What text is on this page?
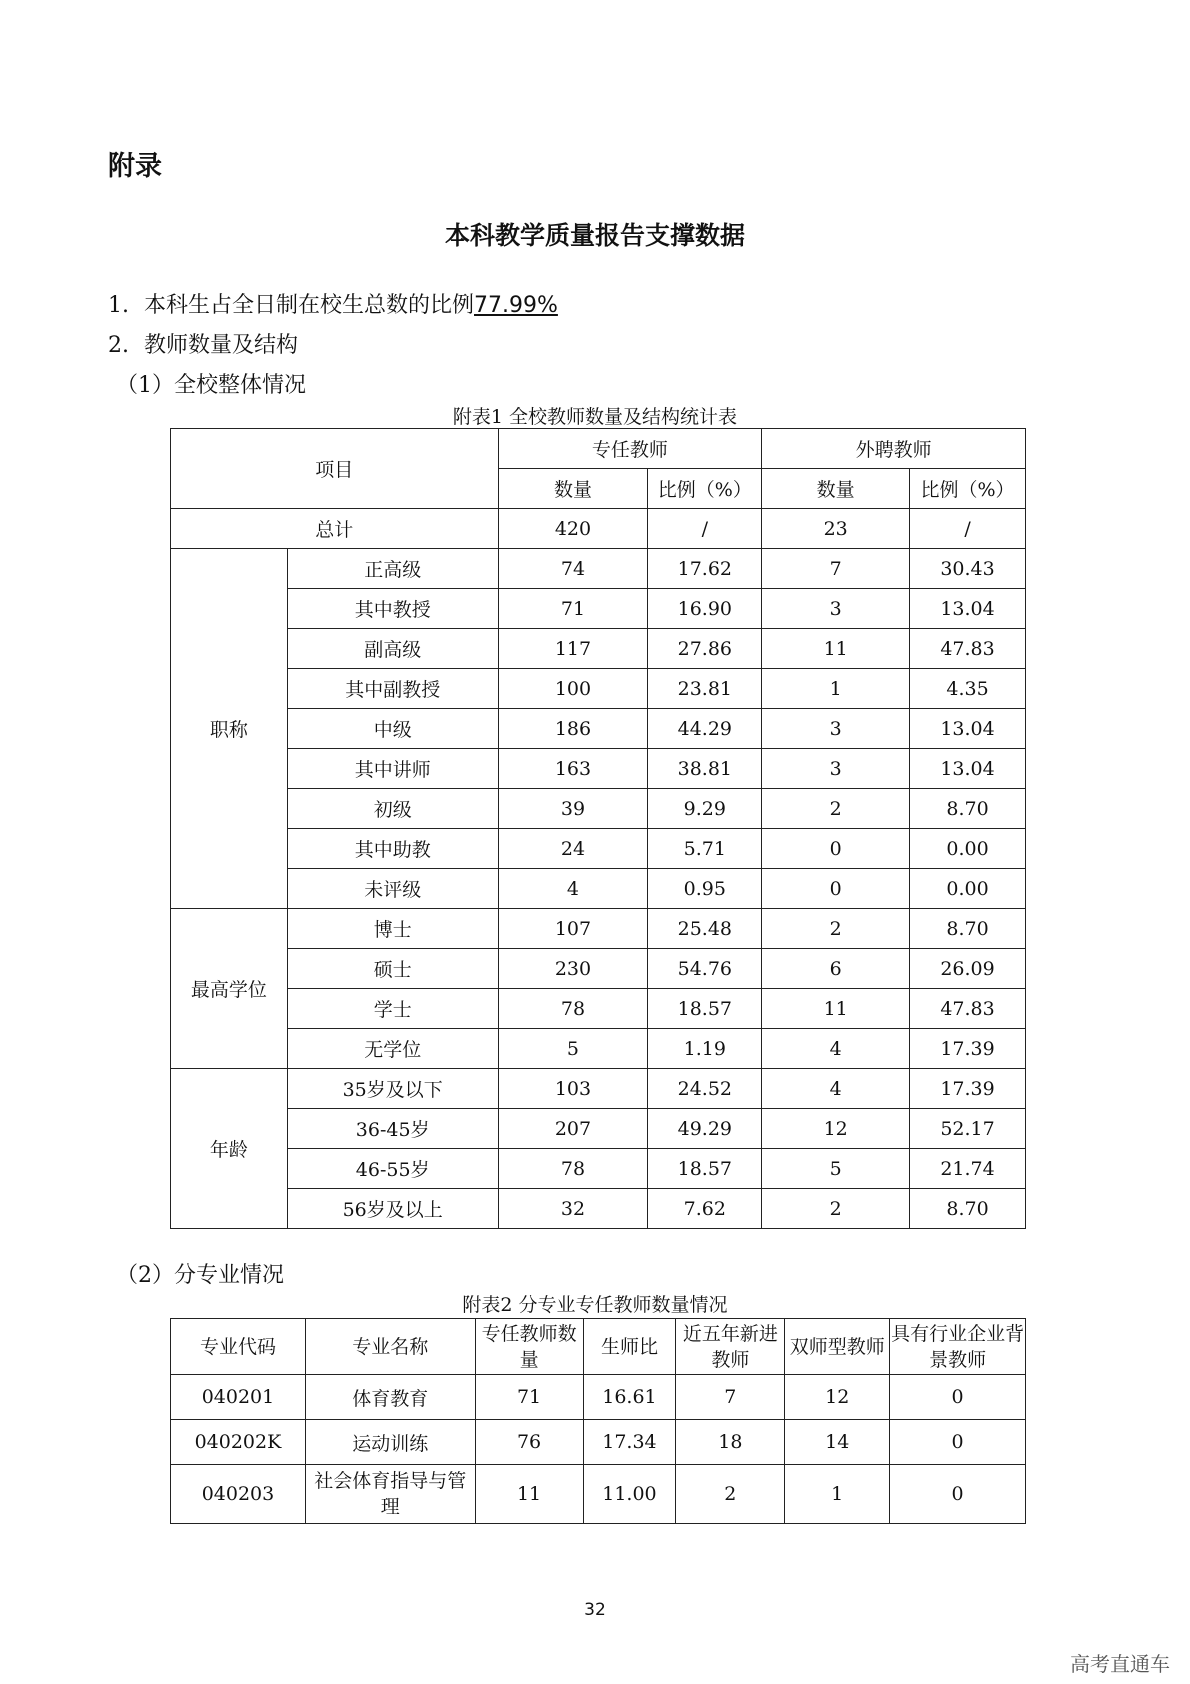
附录
本科教学质量报告支撑数据
1. 本科生占全日制在校生总数的比例77.99%
2. 教师数量及结构
（1）全校整体情况
附表1 全校教师数量及结构统计表
项目		专任教师		外聘教师	
		数量	比例（%）	数量	比例（%）
总计		420	/	23	/
职称	正高级	74	17.62	7	30.43
	其中教授	71	16.90	3	13.04
	副高级	117	27.86	11	47.83
	其中副教授	100	23.81	1	4.35
	中级	186	44.29	3	13.04
	其中讲师	163	38.81	3	13.04
	初级	39	9.29	2	8.70
	其中助教	24	5.71	0	0.00
	未评级	4	0.95	0	0.00
最高学位	博士	107	25.48	2	8.70
	硕士	230	54.76	6	26.09
	学士	78	18.57	11	47.83
	无学位	5	1.19	4	17.39
年龄	35岁及以下	103	24.52	4	17.39
	36-45岁	207	49.29	12	52.17
	46-55岁	78	18.57	5	21.74
	56岁及以上	32	7.62	2	8.70
（2）分专业情况
附表2 分专业专任教师数量情况
专业代码	专业名称	专任教师数量	生师比	近五年新进教师	双师型教师	具有行业企业背景教师
040201	体育教育	71	16.61	7	12	0
040202K	运动训练	76	17.34	18	14	0
040203	社会体育指导与管理	11	11.00	2	1	0
32
高考直通车
